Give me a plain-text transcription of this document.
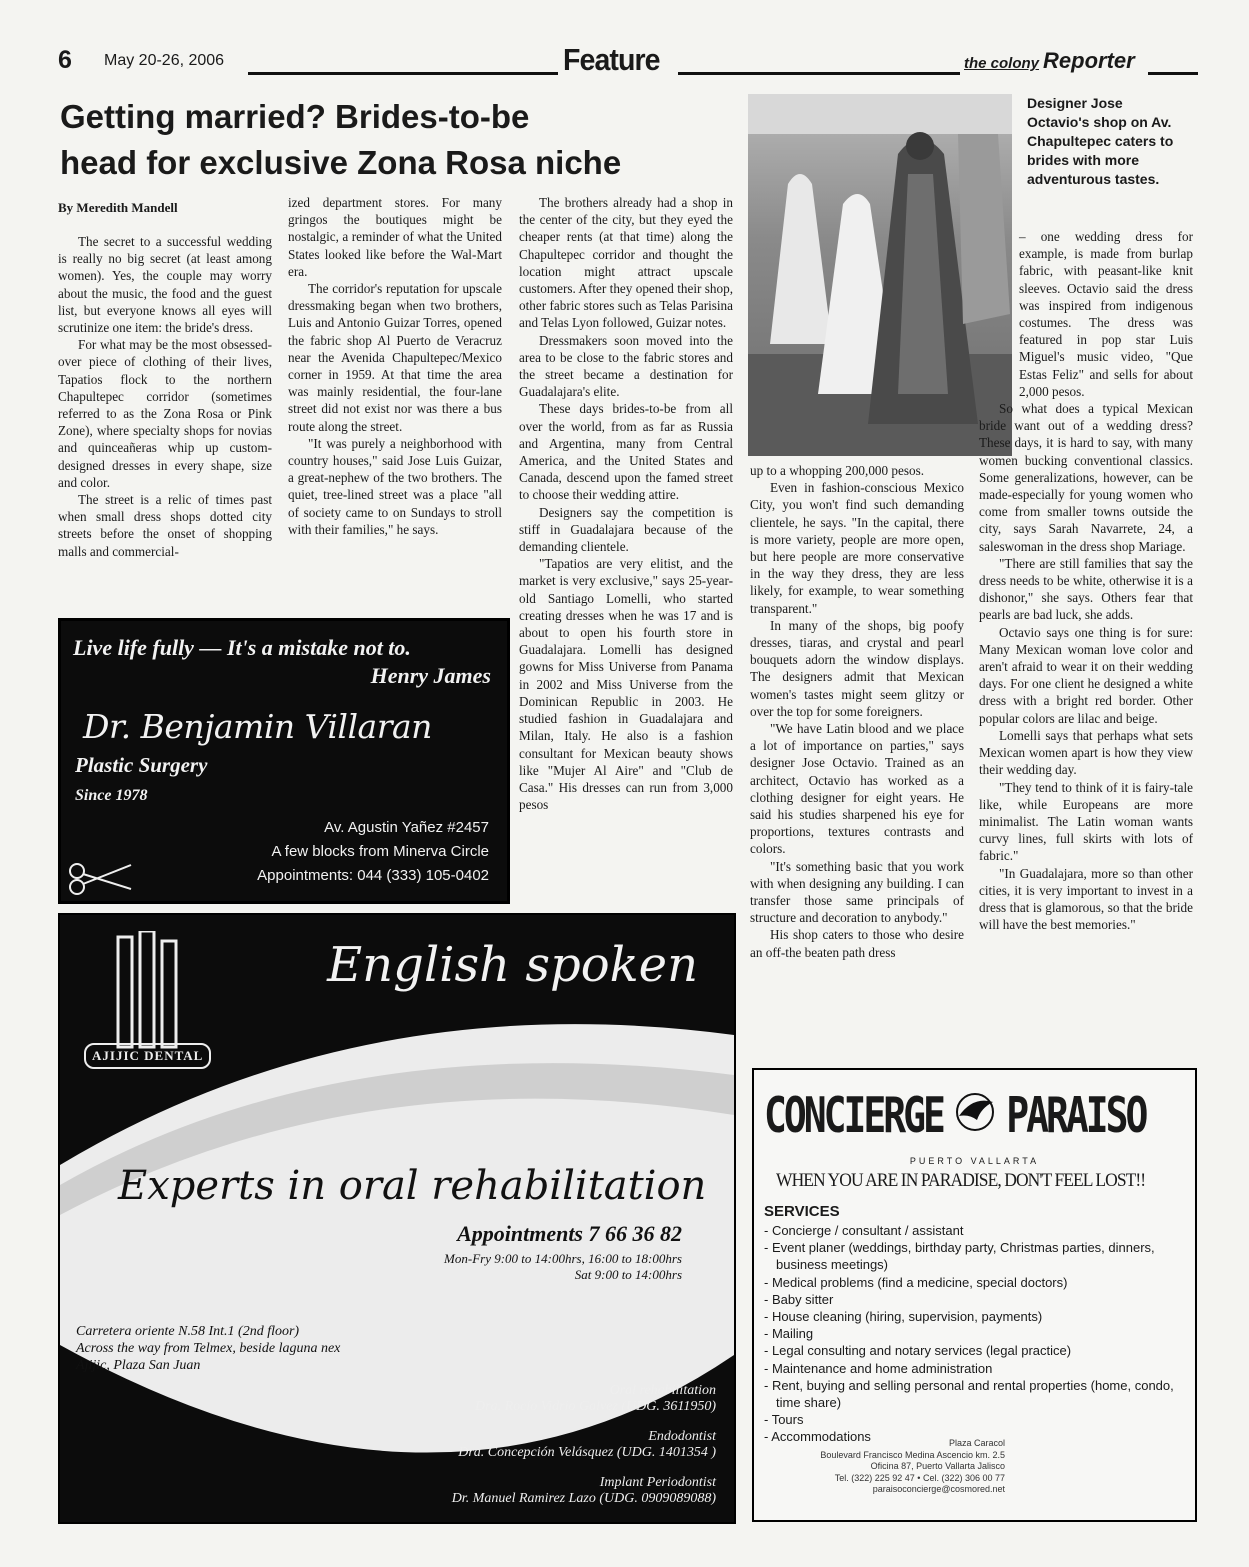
6 May 20-26, 2006	Feature	the colony Reporter
Getting married? Brides-to-be
head for exclusive Zona Rosa niche
Designer Jose Octavio's shop on Av. Chapultepec caters to brides with more adventurous tastes.
By Meredith Mandell

The secret to a successful wedding is really no big secret (at least among women). Yes, the couple may worry about the music, the food and the guest list, but everyone knows all eyes will scrutinize one item: the bride's dress.

For what may be the most obsessed-over piece of clothing of their lives, Tapatios flock to the northern Chapultepec corridor (sometimes referred to as the Zona Rosa or Pink Zone), where specialty shops for novias and quinceañeras whip up custom-designed dresses in every shape, size and color.

The street is a relic of times past when small dress shops dotted city streets before the onset of shopping malls and commercial-

ized department stores. For many gringos the boutiques might be nostalgic, a reminder of what the United States looked like before the Wal-Mart era.

The corridor's reputation for upscale dressmaking began when two brothers, Luis and Antonio Guizar Torres, opened the fabric shop Al Puerto de Veracruz near the Avenida Chapultepec/Mexico corner in 1959. At that time the area was mainly residential, the four-lane street did not exist nor was there a bus route along the street.

"It was purely a neighborhood with country houses," said Jose Luis Guizar, a great-nephew of the two brothers. The quiet, tree-lined street was a place "all of society came to on Sundays to stroll with their families," he says.

The brothers already had a shop in the center of the city, but they eyed the cheaper rents (at that time) along the Chapultepec corridor and thought the location might attract upscale customers. After they opened their shop, other fabric stores such as Telas Parisina and Telas Lyon followed, Guizar notes.

Dressmakers soon moved into the area to be close to the fabric stores and the street became a destination for Guadalajara's elite.

These days brides-to-be from all over the world, from as far as Russia and Argentina, many from Central America, and the United States and Canada, descend upon the famed street to choose their wedding attire.

Designers say the competition is stiff in Guadalajara because of the demanding clientele.

"Tapatios are very elitist, and the market is very exclusive," says 25-year-old Santiago Lomelli, who started creating dresses when he was 17 and is about to open his fourth store in Guadalajara. Lomelli has designed gowns for Miss Universe from Panama in 2002 and Miss Universe from the Dominican Republic in 2003. He studied fashion in Guadalajara and Milan, Italy. He also is a fashion consultant for Mexican beauty shows like "Mujer Al Aire" and "Club de Casa." His dresses can run from 3,000 pesos

up to a whopping 200,000 pesos.

Even in fashion-conscious Mexico City, you won't find such demanding clientele, he says. "In the capital, there is more variety, people are more open, but here people are more conservative in the way they dress, they are less likely, for example, to wear something transparent."

In many of the shops, big poofy dresses, tiaras, and crystal and pearl bouquets adorn the window displays. The designers admit that Mexican women's tastes might seem glitzy or over the top for some foreigners.

"We have Latin blood and we place a lot of importance on parties," says designer Jose Octavio. Trained as an architect, Octavio has worked as a clothing designer for eight years. He said his studies sharpened his eye for proportions, textures contrasts and colors.

"It's something basic that you work with when designing any building. I can transfer those same principals of structure and decoration to anybody."

His shop caters to those who desire an off-the beaten path dress

– one wedding dress for example, is made from burlap fabric, with peasant-like knit sleeves. Octavio said the dress was inspired from indigenous costumes. The dress was featured in pop star Luis Miguel's music video, "Que Estas Feliz" and sells for about 2,000 pesos.

So what does a typical Mexican bride want out of a wedding dress? These days, it is hard to say, with many women bucking conventional classics. Some generalizations, however, can be made-especially for young women who come from smaller towns outside the city, says Sarah Navarrete, 24, a saleswoman in the dress shop Mariage.

"There are still families that say the dress needs to be white, otherwise it is a dishonor," she says. Others fear that pearls are bad luck, she adds.

Octavio says one thing is for sure: Many Mexican woman love color and aren't afraid to wear it on their wedding days. For one client he designed a white dress with a bright red border. Other popular colors are lilac and beige.

Lomelli says that perhaps what sets Mexican women apart is how they view their wedding day.

"They tend to think of it is fairy-tale like, while Europeans are more minimalist. The Latin woman wants curvy lines, full skirts with lots of fabric."

"In Guadalajara, more so than other cities, it is very important to invest in a dress that is glamorous, so that the bride will have the best memories."

Live life fully — It's a mistake not to.
Henry James
Dr. Benjamin Villaran
Plastic Surgery
Since 1978
Av. Agustin Yañez #2457
A few blocks from Minerva Circle
Appointments: 044 (333) 105-0402
AJIJIC DENTAL
English spoken
Experts in oral rehabilitation
Appointments 7 66 36 82
Mon-Fry 9:00 to 14:00hrs, 16:00 to 18:00hrs
Sat 9:00 to 14:00hrs
Carretera oriente N.58 Int.1 (2nd floor)
Across the way from Telmex, beside laguna nex
Ajijic, Plaza San Juan
Oral rehabilitation
Dra. Rocío Vidrio Galvez (UDG. 3611950)
Endodontist
Dra. Concepción Velásquez (UDG. 1401354 )
Implant Periodontist
Dr. Manuel Ramirez Lazo (UDG. 0909089088)
CONCIERGE PARAISO
PUERTO VALLARTA
WHEN YOU ARE IN PARADISE, DON'T FEEL LOST!!
SERVICES
- Concierge / consultant / assistant
- Event planer (weddings, birthday party, Christmas parties, dinners, business meetings)
- Medical problems (find a medicine, special doctors)
- Baby sitter
- House cleaning (hiring, supervision, payments)
- Mailing
- Legal consulting and notary services (legal practice)
- Maintenance and home administration
- Rent, buying and selling personal and rental properties (home, condo, time share)
- Tours
- Accommodations	Plaza Caracol
Boulevard Francisco Medina Ascencio km. 2.5
Oficina 87, Puerto Vallarta Jalisco
Tel. (322) 225 92 47 • Cel. (322) 306 00 77
paraisoconcierge@cosmored.net
